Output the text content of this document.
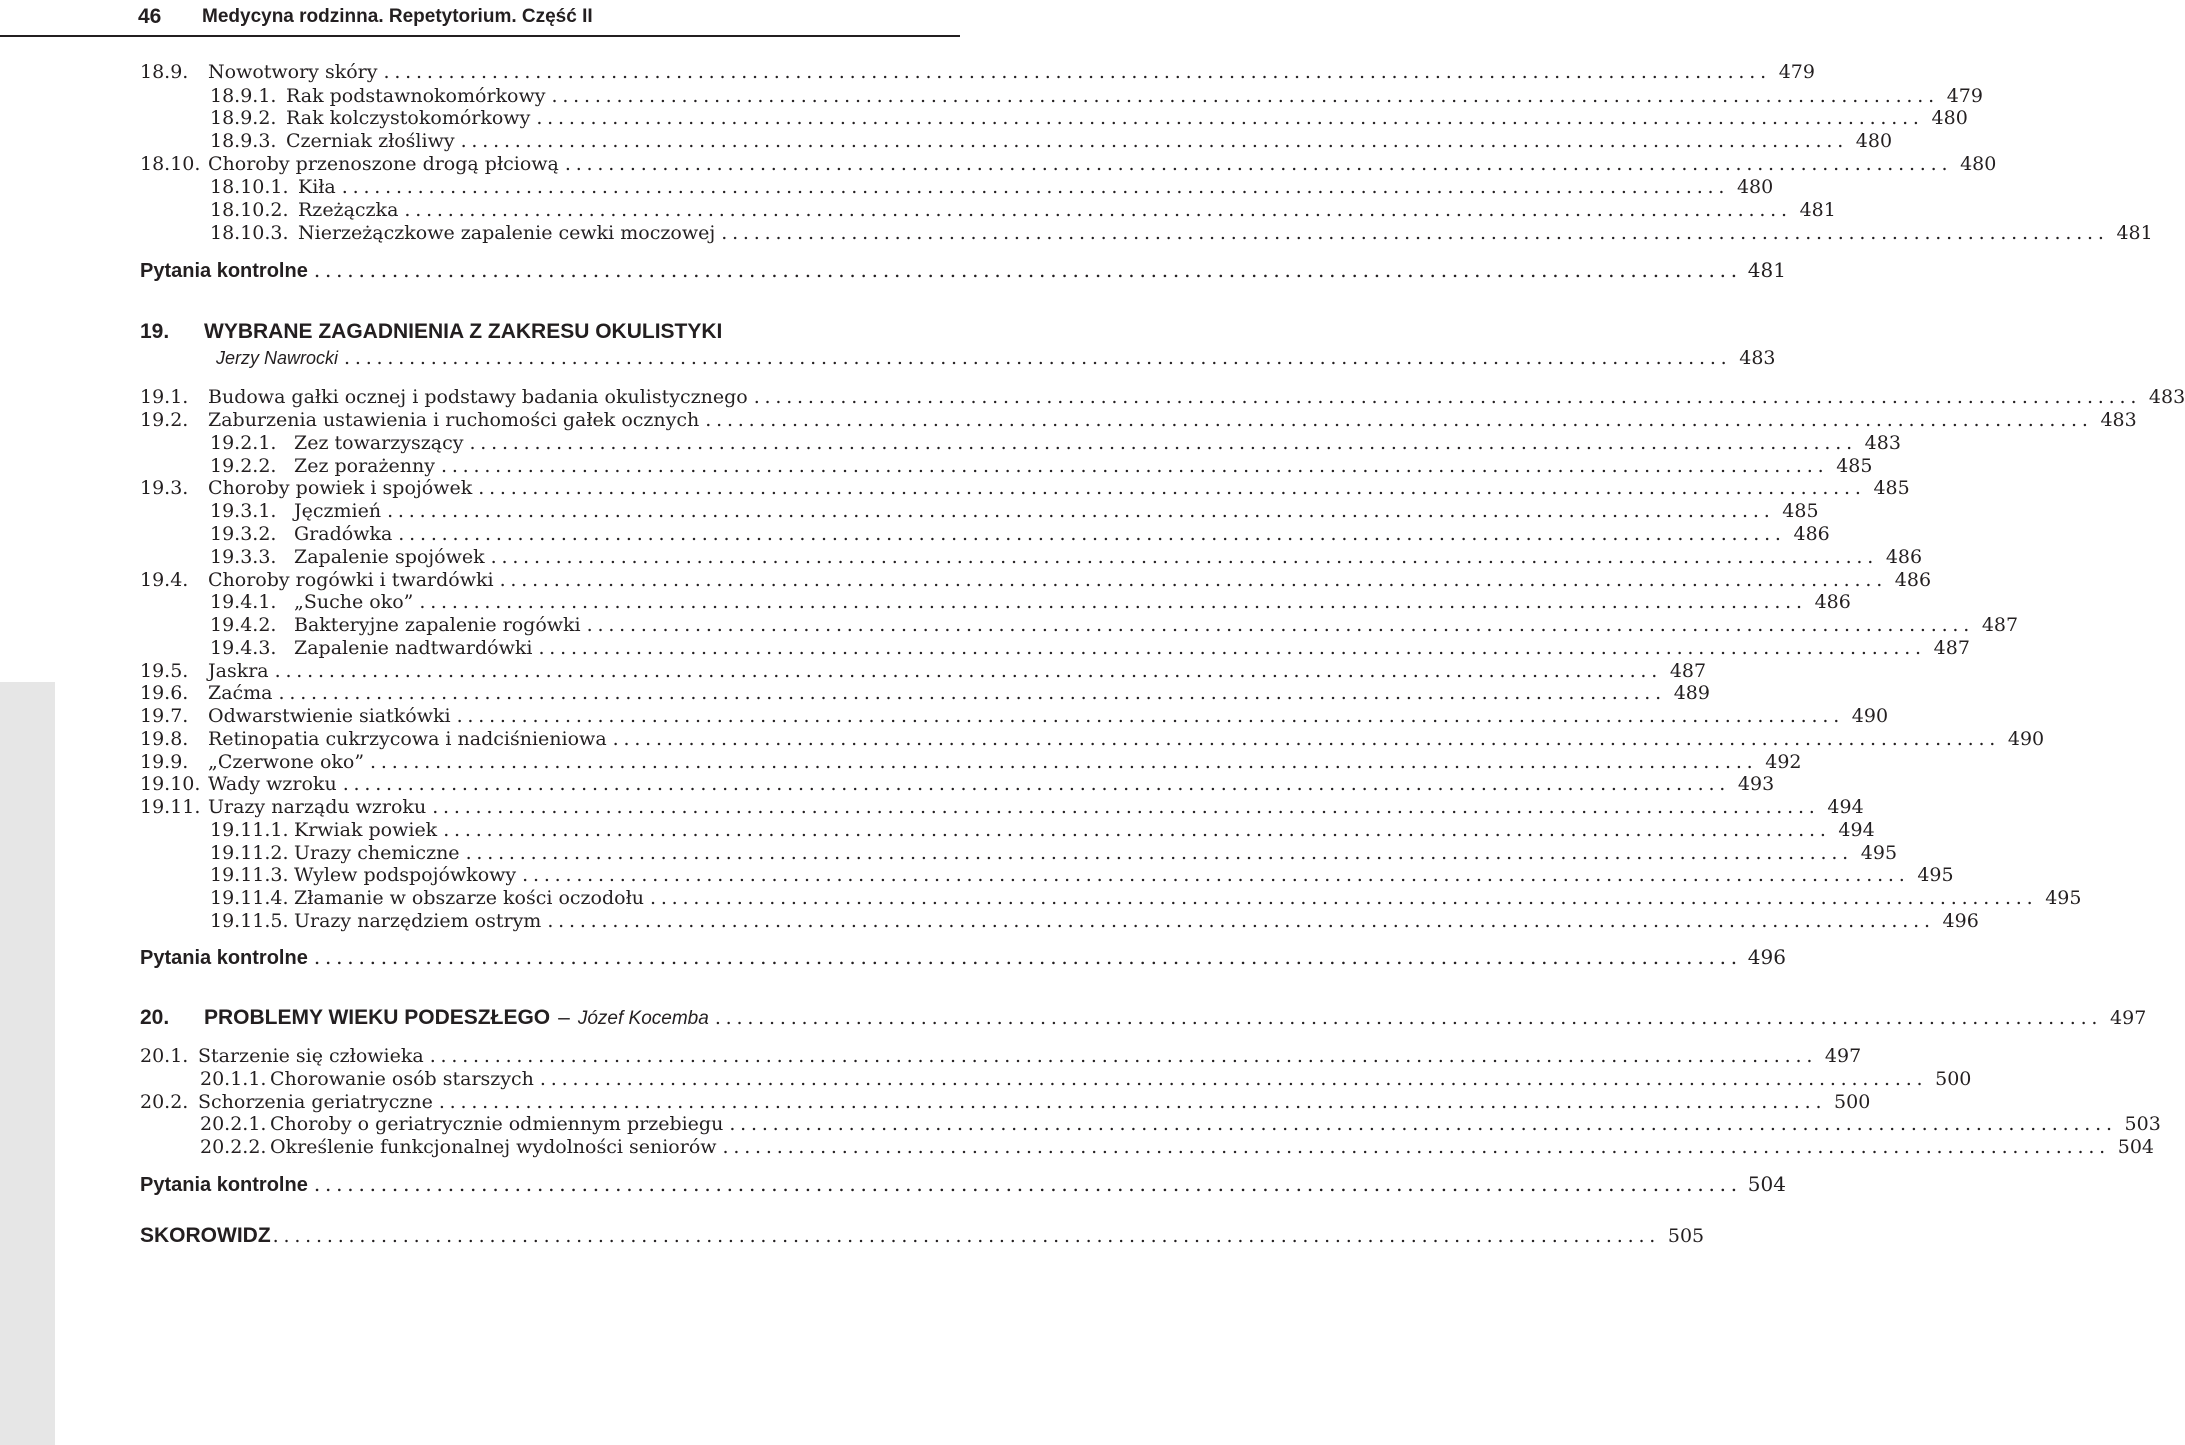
46 Medycyna rodzinna. Repetytorium. Część II
18.9.	Nowotwory skóry ................................................................................................................................ 479
18.9.1. Rak podstawnokomórkowy ................................................................................................................................ 479
18.9.2. Rak kolczystokomórkowy ................................................................................................................................ 480
18.9.3. Czerniak złośliwy ................................................................................................................................ 480
18.10. Choroby przenoszone drogą płciową ................................................................................................................................ 480
18.10.1. Kiła ................................................................................................................................ 480
18.10.2. Rzeżączka ................................................................................................................................ 481
18.10.3. Nierzeżączkowe zapalenie cewki moczowej ................................................................................................................................ 481
Pytania kontrolne ................................................................................................................................ 481
19. WYBRANE ZAGADNIENIA Z ZAKRESU OKULISTYKI
Jerzy Nawrocki ................................................................................................................................ 483
19.1.	Budowa gałki ocznej i podstawy badania okulistycznego ................................................................................................................................ 483
19.2.	Zaburzenia ustawienia i ruchomości gałek ocznych ................................................................................................................................ 483
19.2.1. Zez towarzyszący ................................................................................................................................ 483
19.2.2. Zez porażenny ................................................................................................................................ 485
19.3.	Choroby powiek i spojówek ................................................................................................................................ 485
19.3.1. Jęczmień ................................................................................................................................ 485
19.3.2. Gradówka ................................................................................................................................ 486
19.3.3. Zapalenie spojówek ................................................................................................................................ 486
19.4.	Choroby rogówki i twardówki ................................................................................................................................ 486
19.4.1. „Suche oko” ................................................................................................................................ 486
19.4.2. Bakteryjne zapalenie rogówki ................................................................................................................................ 487
19.4.3. Zapalenie nadtwardówki ................................................................................................................................ 487
19.5.	Jaskra ................................................................................................................................ 487
19.6.	Zaćma ................................................................................................................................ 489
19.7.	Odwarstwienie siatkówki ................................................................................................................................ 490
19.8.	Retinopatia cukrzycowa i nadciśnieniowa ................................................................................................................................ 490
19.9.	„Czerwone oko” ................................................................................................................................ 492
19.10. Wady wzroku ................................................................................................................................ 493
19.11. Urazy narządu wzroku ................................................................................................................................ 494
19.11.1. Krwiak powiek ................................................................................................................................ 494
19.11.2. Urazy chemiczne ................................................................................................................................ 495
19.11.3. Wylew podspojówkowy ................................................................................................................................ 495
19.11.4. Złamanie w obszarze kości oczodołu ................................................................................................................................ 495
19.11.5. Urazy narzędziem ostrym ................................................................................................................................ 496
Pytania kontrolne ................................................................................................................................ 496
20.	PROBLEMY WIEKU PODESZŁEGO – Józef Kocemba ................................................................................................................................ 497
20.1. Starzenie się człowieka ................................................................................................................................ 497
20.1.1. Chorowanie osób starszych ................................................................................................................................ 500
20.2. Schorzenia geriatryczne ................................................................................................................................ 500
20.2.1. Choroby o geriatrycznie odmiennym przebiegu ................................................................................................................................ 503
20.2.2. Określenie funkcjonalnej wydolności seniorów ................................................................................................................................ 504
Pytania kontrolne ................................................................................................................................ 504
SKOROWIDZ ................................................................................................................................ 505
